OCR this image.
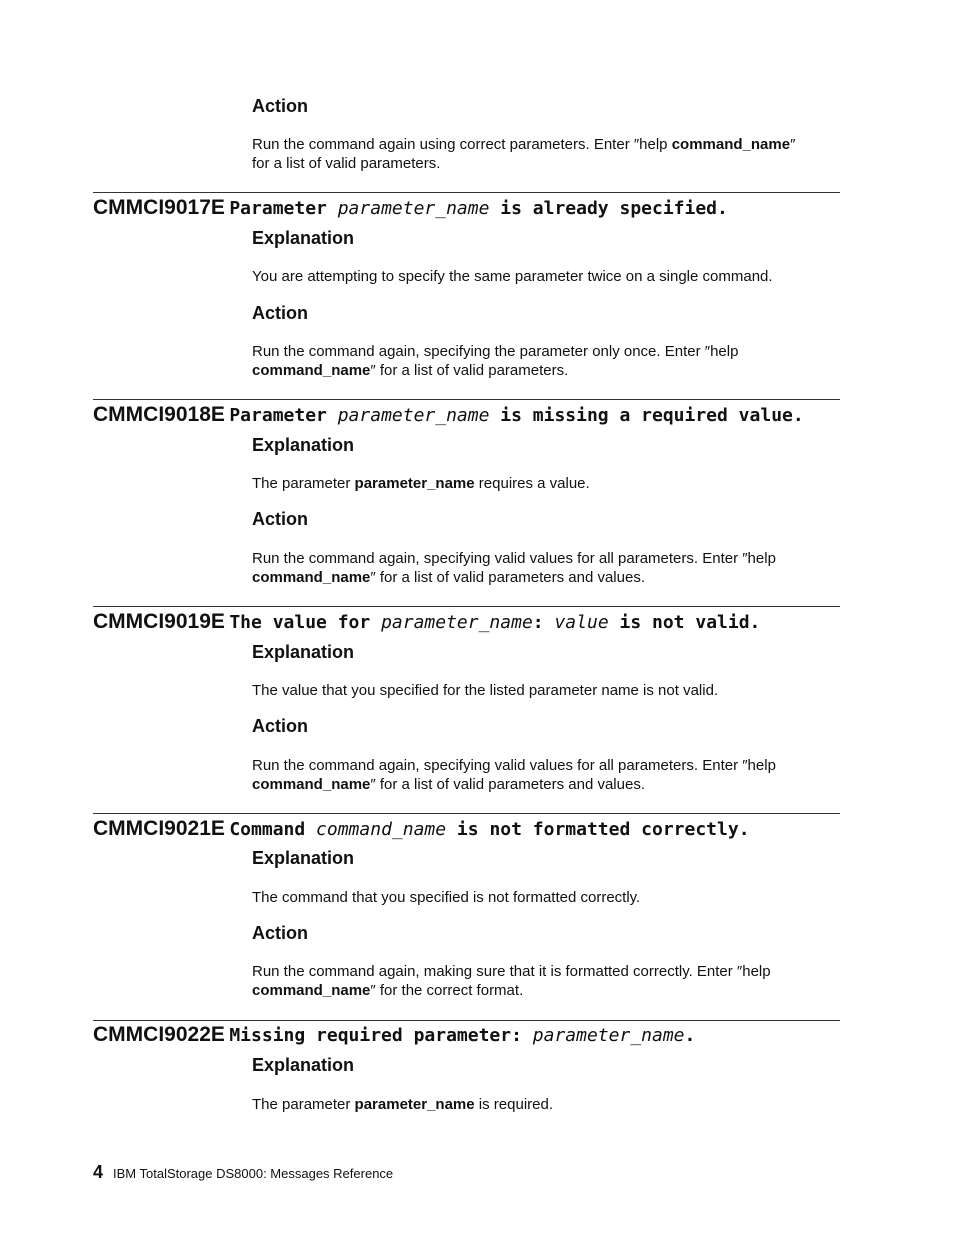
Action
Run the command again using correct parameters. Enter ″help command_name″
for a list of valid parameters.
CMMCI9017E Parameter parameter_name is already specified.
Explanation
You are attempting to specify the same parameter twice on a single command.
Action
Run the command again, specifying the parameter only once. Enter ″help
command_name″ for a list of valid parameters.
CMMCI9018E Parameter parameter_name is missing a required value.
Explanation
The parameter parameter_name requires a value.
Action
Run the command again, specifying valid values for all parameters. Enter ″help
command_name″ for a list of valid parameters and values.
CMMCI9019E The value for parameter_name: value is not valid.
Explanation
The value that you specified for the listed parameter name is not valid.
Action
Run the command again, specifying valid values for all parameters. Enter ″help
command_name″ for a list of valid parameters and values.
CMMCI9021E Command command_name is not formatted correctly.
Explanation
The command that you specified is not formatted correctly.
Action
Run the command again, making sure that it is formatted correctly. Enter ″help
command_name″ for the correct format.
CMMCI9022E Missing required parameter: parameter_name.
Explanation
The parameter parameter_name is required.
4 IBM TotalStorage DS8000: Messages Reference
